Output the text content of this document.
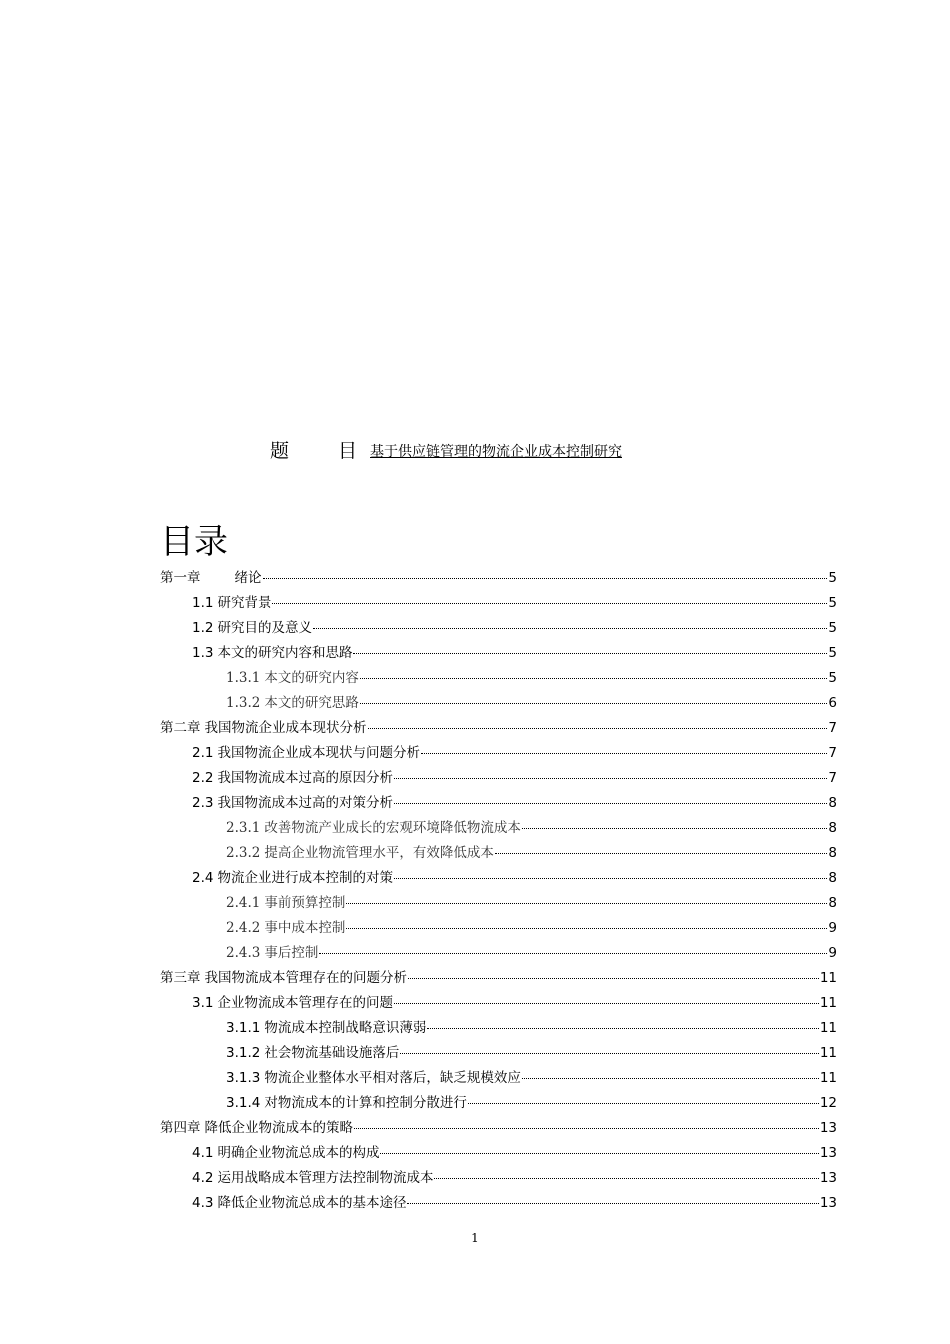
题	目 基于供应链管理的物流企业成本控制研究
目录
第一章	绪论	5
1.1 研究背景	5
1.2 研究目的及意义	5
1.3 本文的研究内容和思路	5
1.3.1 本文的研究内容	5
1.3.2 本文的研究思路	6
第二章 我国物流企业成本现状分析	7
2.1 我国物流企业成本现状与问题分析	7
2.2 我国物流成本过高的原因分析	7
2.3 我国物流成本过高的对策分析	8
2.3.1 改善物流产业成长的宏观环境降低物流成本	8
2.3.2 提高企业物流管理水平，有效降低成本	8
2.4 物流企业进行成本控制的对策	8
2.4.1 事前预算控制	8
2.4.2 事中成本控制	9
2.4.3 事后控制	9
第三章 我国物流成本管理存在的问题分析	11
3.1 企业物流成本管理存在的问题	11
3.1.1 物流成本控制战略意识薄弱	11
3.1.2 社会物流基础设施落后	11
3.1.3 物流企业整体水平相对落后，缺乏规模效应	11
3.1.4 对物流成本的计算和控制分散进行	12
第四章 降低企业物流成本的策略	13
4.1 明确企业物流总成本的构成	13
4.2 运用战略成本管理方法控制物流成本	13
4.3 降低企业物流总成本的基本途径	13
1
